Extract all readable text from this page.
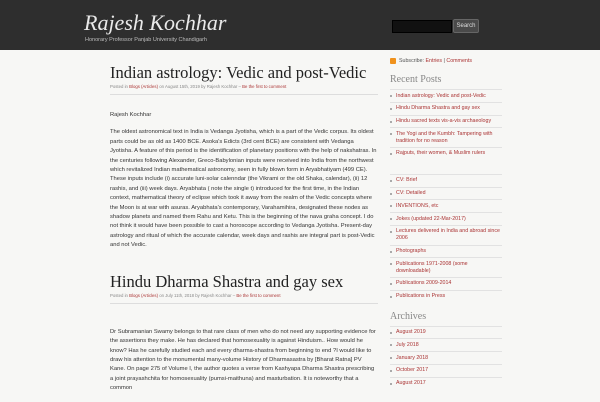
Rajesh Kochhar
Honorary Professor Panjab University Chandigarh
Search
Indian astrology: Vedic and post-Vedic
Posted in Blogs (Articles) on August 15th, 2019 by Rajesh Kochhar – Be the first to comment

Rajesh Kochhar

The oldest astronomical text in India is Vedanga Jyotisha, which is a part of the Vedic corpus. Its oldest parts could be as old as 1400 BCE. Asoka's Edicts (3rd cent BCE) are consistent with Vedanga Jyotisha. A feature of this period is the identification of planetary positions with the help of nakshatras. In the centuries following Alexander, Greco-Babylonian inputs were received into India from the northwest which revitalized Indian mathematical astronomy, seen in fully blown form in Aryabhatiyam (499 CE). These inputs include (i) accurate luni-solar calenndar (the Vikrami or the old Shaka, calendar), (ii) 12 rashis, and (iii) week days. Aryabhata ( note the single t) introduced for the first time, in the Indian context, mathematical theory of eclipse which took it away from the realm of the Vedic concepts where the Moon is at war with asuras. Aryabhata's contemporary, Varahamihira, designated these nodes as shadow planets and named them Rahu and Ketu. This is the beginning of the nava graha concept. I do not think it would have been possible to cast a horoscope according to Vedanga Jyotisha. Present-day astrology and ritual of which the accurate calendar, week days and rashis are integral part is post-Vedic and not Vedic.

Hindu Dharma Shastra and gay sex
Posted in Blogs (Articles) on July 11th, 2018 by Rajesh Kochhar – Be the first to comment

Dr Subramanian Swamy belongs to that rare class of men who do not need any supporting evidence for the assertions they make. He has declared that homosexuality is against Hinduism.. How would he know? Has he carefully studied each and every dharma-shastra from beginning to end ?I would like to draw his attention to the monumental many-volume History of Dharmasastra by [Bharat Ratna] PV Kane. On page 275 of Volume I, the author quotes a verse from Kashyapa Dharma Shastra prescribing a joint prayashchita for homosexuality (pumsi-maithuna) and masturbation. It is noteworthy that a common

Subscribe:
Entries
|
Comments
Recent Posts
Indian astrology: Vedic and post-Vedic
Hindu Dharma Shastra and gay sex
Hindu sacred texts vis-a-vis archaeology
The Yogi and the Kumbh: Tampering with tradition for no reason
Rajputs, their women, & Muslim rulers
CV: Brief
CV: Detailed
INVENTIONS, etc
Jokes (updated 22-Mar-2017)
Lectures delivered in India and abroad since 2006
Photographs
Publications 1971-2008 (some downloadable)
Publications 2009-2014
Publications in Press
Archives
August 2019
July 2018
January 2018
October 2017
August 2017
